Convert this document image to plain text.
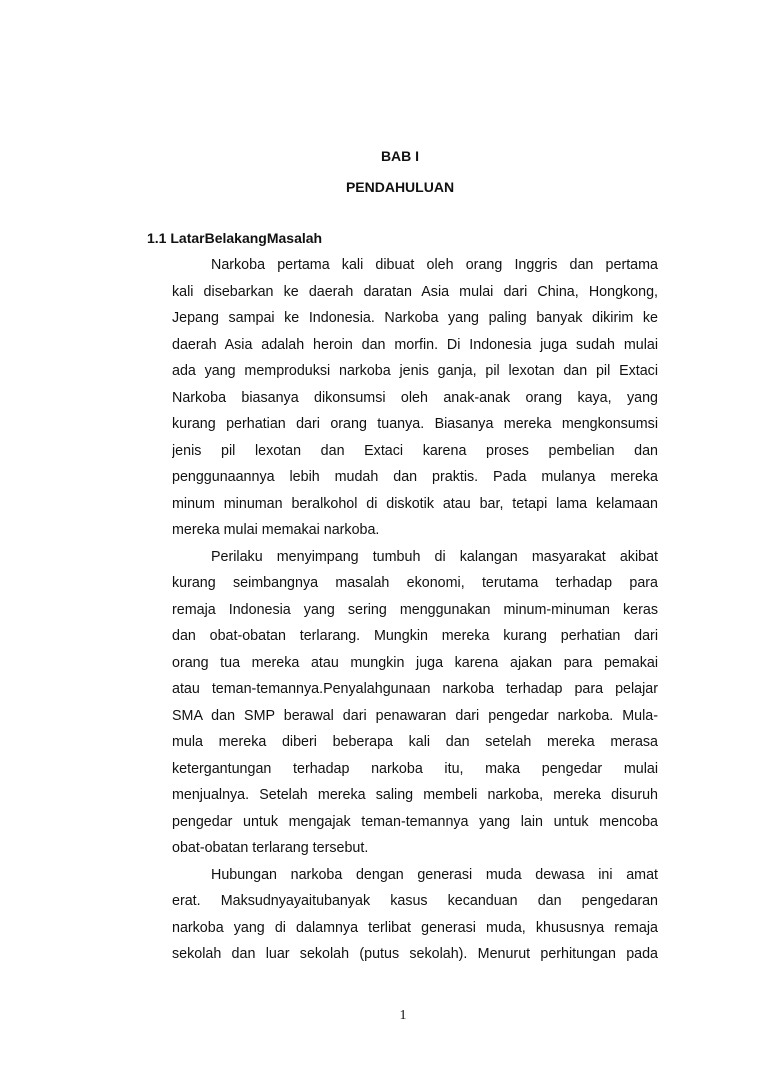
BAB I
PENDAHULUAN
1.1 LatarBelakangMasalah
Narkoba pertama kali dibuat oleh orang Inggris dan pertama
kali disebarkan ke daerah daratan Asia mulai dari China, Hongkong,
Jepang sampai ke Indonesia. Narkoba yang paling banyak dikirim ke
daerah Asia adalah heroin dan morfin. Di Indonesia juga sudah mulai
ada yang memproduksi narkoba jenis ganja, pil lexotan dan pil Extaci
Narkoba biasanya dikonsumsi oleh anak-anak orang kaya, yang
kurang perhatian dari orang tuanya. Biasanya mereka mengkonsumsi
jenis pil lexotan dan Extaci karena proses pembelian dan
penggunaannya lebih mudah dan praktis. Pada mulanya mereka
minum minuman beralkohol di diskotik atau bar, tetapi lama kelamaan
mereka mulai memakai narkoba.
Perilaku menyimpang tumbuh di kalangan masyarakat akibat
kurang seimbangnya masalah ekonomi, terutama terhadap para
remaja Indonesia yang sering menggunakan minum-minuman keras
dan obat-obatan terlarang. Mungkin mereka kurang perhatian dari
orang tua mereka atau mungkin juga karena ajakan para pemakai
atau teman-temannya.Penyalahgunaan narkoba terhadap para pelajar
SMA dan SMP berawal dari penawaran dari pengedar narkoba. Mula-
mula mereka diberi beberapa kali dan setelah mereka merasa
ketergantungan terhadap narkoba itu, maka pengedar mulai
menjualnya. Setelah mereka saling membeli narkoba, mereka disuruh
pengedar untuk mengajak teman-temannya yang lain untuk mencoba
obat-obatan terlarang tersebut.
Hubungan narkoba dengan generasi muda dewasa ini amat
erat. Maksudnyayaitubanyak kasus kecanduan dan pengedaran
narkoba yang di dalamnya terlibat generasi muda, khususnya remaja
sekolah dan luar sekolah (putus sekolah). Menurut perhitungan pada
1
